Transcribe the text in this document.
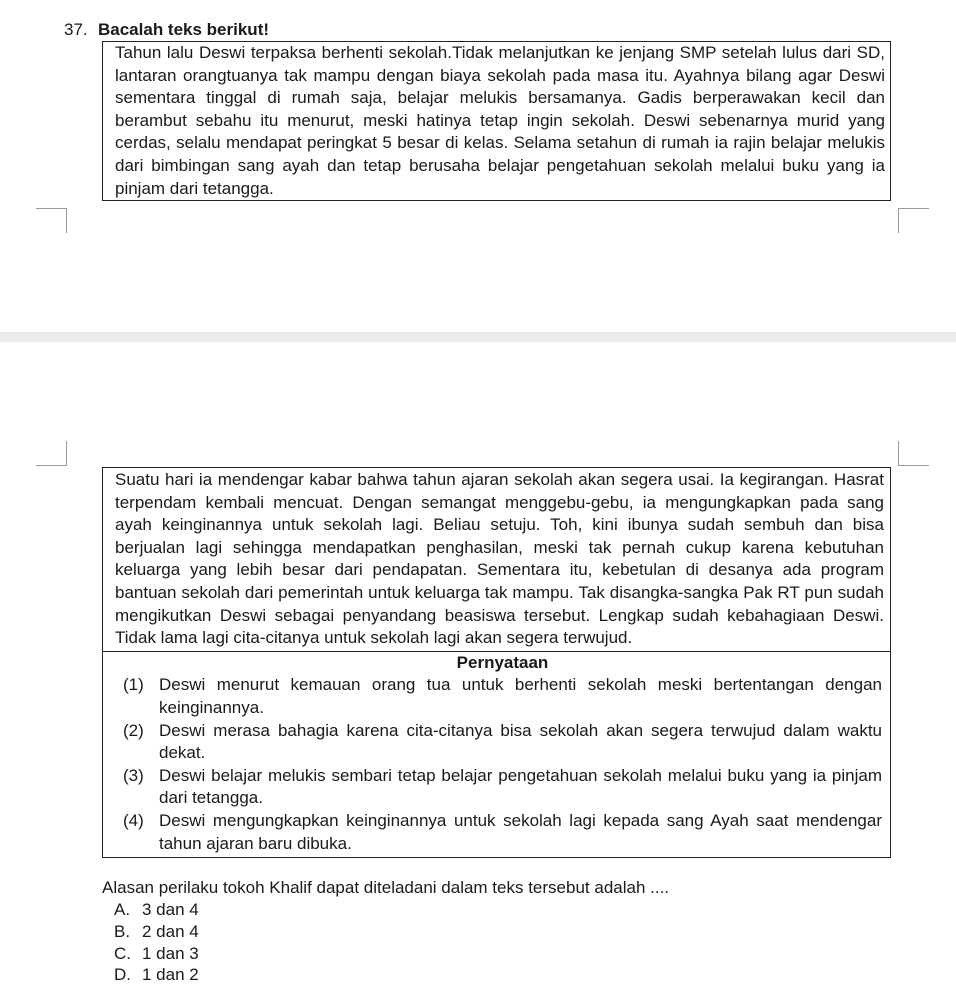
37. Bacalah teks berikut!

Tahun lalu Deswi terpaksa berhenti sekolah.Tidak melanjutkan ke jenjang SMP setelah lulus dari SD, lantaran orangtuanya tak mampu dengan biaya sekolah pada masa itu. Ayahnya bilang agar Deswi sementara tinggal di rumah saja, belajar melukis bersamanya. Gadis berperawakan kecil dan berambut sebahu itu menurut, meski hatinya tetap ingin sekolah. Deswi sebenarnya murid yang cerdas, selalu mendapat peringkat 5 besar di kelas. Selama setahun di rumah ia rajin belajar melukis dari bimbingan sang ayah dan tetap berusaha belajar pengetahuan sekolah melalui buku yang ia pinjam dari tetangga.

Suatu hari ia mendengar kabar bahwa tahun ajaran sekolah akan segera usai. Ia kegirangan. Hasrat terpendam kembali mencuat. Dengan semangat menggebu-gebu, ia mengungkapkan pada sang ayah keinginannya untuk sekolah lagi. Beliau setuju. Toh, kini ibunya sudah sembuh dan bisa berjualan lagi sehingga mendapatkan penghasilan, meski tak pernah cukup karena kebutuhan keluarga yang lebih besar dari pendapatan. Sementara itu, kebetulan di desanya ada program bantuan sekolah dari pemerintah untuk keluarga tak mampu. Tak disangka-sangka Pak RT pun sudah mengikutkan Deswi sebagai penyandang beasiswa tersebut. Lengkap sudah kebahagiaan Deswi. Tidak lama lagi cita-citanya untuk sekolah lagi akan segera terwujud.

Pernyataan

(1) Deswi menurut kemauan orang tua untuk berhenti sekolah meski bertentangan dengan keinginannya.
(2) Deswi merasa bahagia karena cita-citanya bisa sekolah akan segera terwujud dalam waktu dekat.
(3) Deswi belajar melukis sembari tetap belajar pengetahuan sekolah melalui buku yang ia pinjam dari tetangga.
(4) Deswi mengungkapkan keinginannya untuk sekolah lagi kepada sang Ayah saat mendengar tahun ajaran baru dibuka.
Alasan perilaku tokoh Khalif dapat diteladani dalam teks tersebut adalah ....
A. 3 dan 4
B. 2 dan 4
C. 1 dan 3
D. 1 dan 2
